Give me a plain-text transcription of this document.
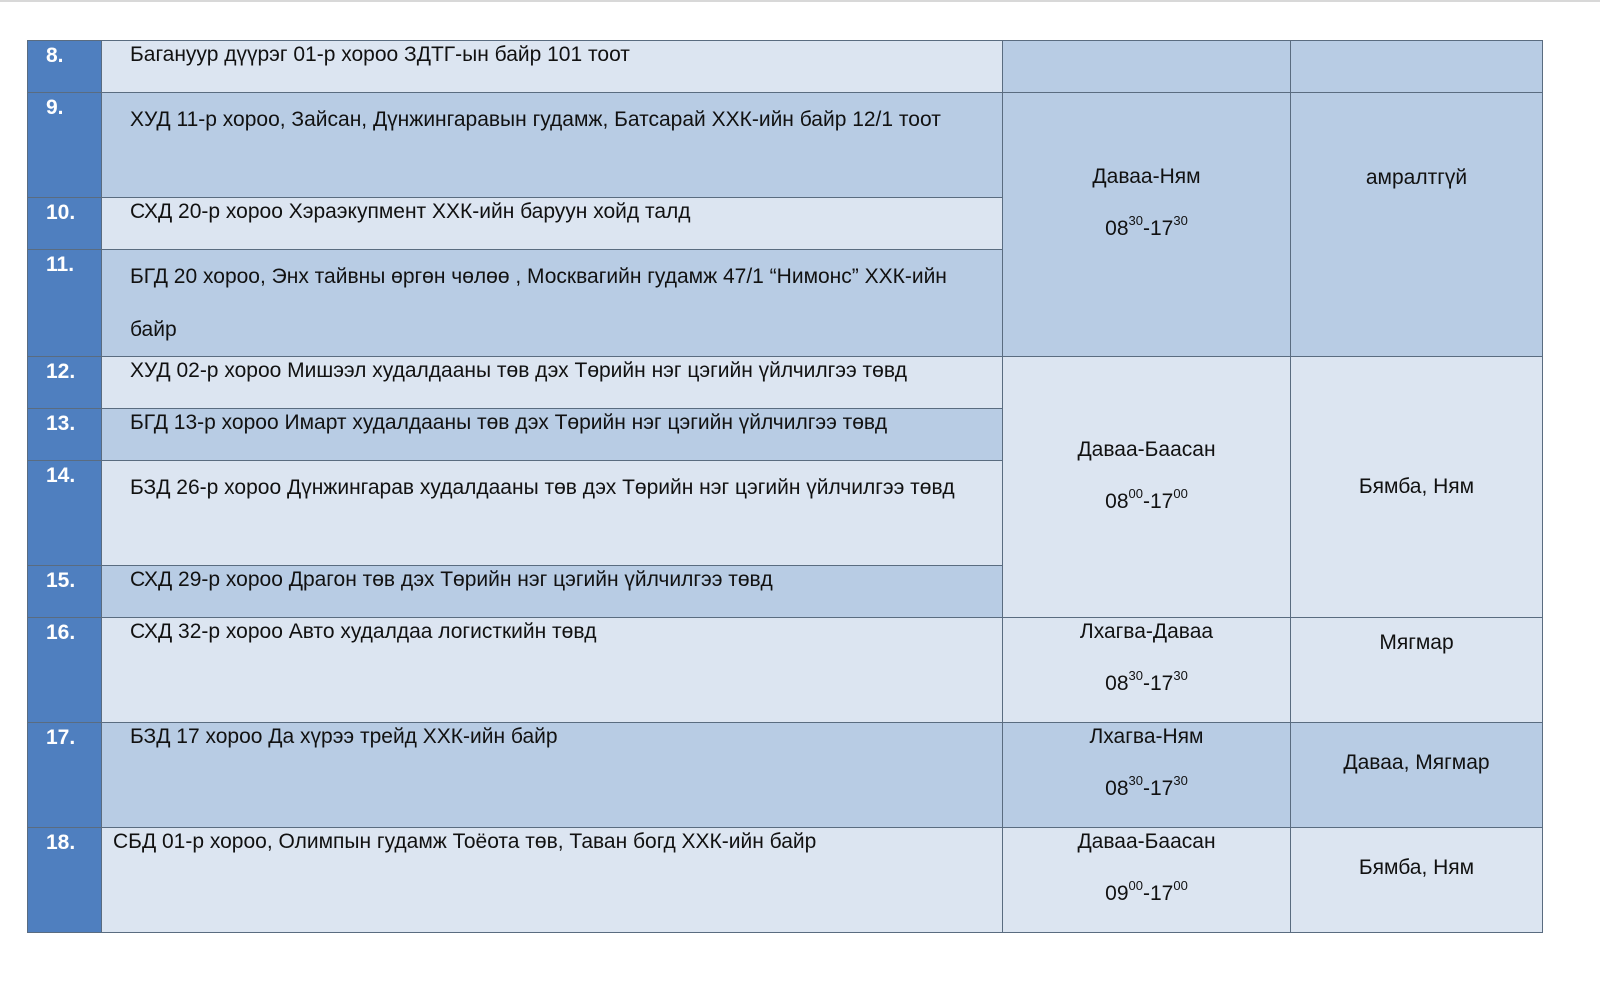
8.	Багануур дүүрэг 01-р хороо ЗДТГ-ын байр 101 тоот		

9.	ХУД 11-р хороо, Зайсан, Дүнжингаравын гудамж, Батсарай ХХК-ийн байр 12/1 тоот	Даваа-Ням
$08^{30}-17^{30}$	амралтгүй

10.	СХД 20-р хороо Хэраэкупмент ХХК-ийн баруун хойд талд		

11.	БГД 20 хороо, Энх тайвны өргөн чөлөө , Москвагийн гудамж 47/1 “Нимонс” ХХК-ийн байр		

12.	ХУД 02-р хороо Мишээл худалдааны төв дэх Төрийн нэг цэгийн үйлчилгээ төвд	Даваа-Баасан
$08^{00}-17^{00}$	Бямба, Ням

13.	БГД 13-р хороо Имарт худалдааны төв дэх Төрийн нэг цэгийн үйлчилгээ төвд		

14.	БЗД 26-р хороо Дүнжингарав худалдааны төв дэх Төрийн нэг цэгийн үйлчилгээ төвд		

15.	СХД 29-р хороо Драгон төв дэх Төрийн нэг цэгийн үйлчилгээ төвд		

16.	СХД 32-р хороо Авто худалдаа логисткийн төвд	Лхагва-Даваа
$08^{30}-17^{30}$	Мягмар

17.	БЗД 17 хороо Да хүрээ трейд ХХК-ийн байр	Лхагва-Ням
$08^{30}-17^{30}$	Даваа, Мягмар

18.	СБД 01-р хороо, Олимпын гудамж Тоёота төв, Таван богд ХХК-ийн байр	Даваа-Баасан
$09^{00}-17^{00}$	Бямба, Ням
